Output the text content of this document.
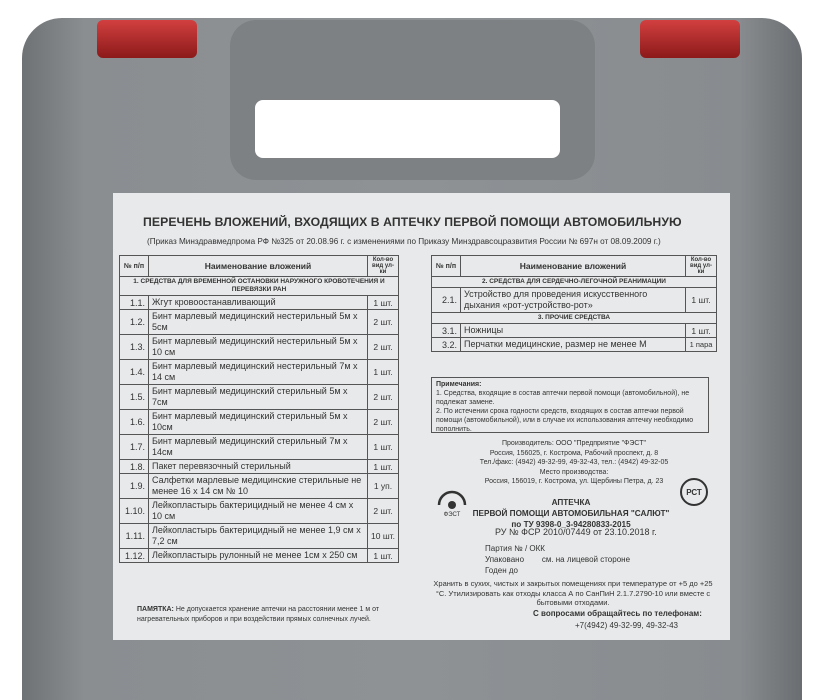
ПЕРЕЧЕНЬ ВЛОЖЕНИЙ, ВХОДЯЩИХ В АПТЕЧКУ ПЕРВОЙ ПОМОЩИ АВТОМОБИЛЬНУЮ
(Приказ Минздравмедпрома РФ №325 от 20.08.96 г. с изменениями по Приказу Минздравсоцразвития России № 697н от 08.09.2009 г.)
№ п/п	Наименование вложений	Кол-во вид ул-ки
1. СРЕДСТВА ДЛЯ ВРЕМЕННОЙ ОСТАНОВКИ НАРУЖНОГО КРОВОТЕЧЕНИЯ И ПЕРЕВЯЗКИ РАН		
1.1.	Жгут кровоостанавливающий	1 шт.
1.2.	Бинт марлевый медицинский нестерильный 5м х 5см	2 шт.
1.3.	Бинт марлевый медицинский нестерильный 5м х 10 см	2 шт.
1.4.	Бинт марлевый медицинский нестерильный 7м х 14 см	1 шт.
1.5.	Бинт марлевый медицинский стерильный 5м х 7см	2 шт.
1.6.	Бинт марлевый медицинский стерильный 5м х 10см	2 шт.
1.7.	Бинт марлевый медицинский стерильный 7м х 14см	1 шт.
1.8.	Пакет перевязочный стерильный	1 шт.
1.9.	Салфетки марлевые медицинские стерильные не менее 16 х 14 см № 10	1 уп.
1.10.	Лейкопластырь бактерицидный не менее 4 см х 10 см	2 шт.
1.11.	Лейкопластырь бактерицидный не менее 1,9 см х 7,2 см	10 шт.
1.12.	Лейкопластырь рулонный не менее 1см х 250 см	1 шт.
№ п/п	Наименование вложений	Кол-во вид ул-ки
2. СРЕДСТВА ДЛЯ СЕРДЕЧНО-ЛЕГОЧНОЙ РЕАНИМАЦИИ		
2.1.	Устройство для проведения искусственного дыхания «рот-устройство-рот»	1 шт.
3. ПРОЧИЕ СРЕДСТВА		
3.1.	Ножницы	1 шт.
3.2.	Перчатки медицинские, размер не менее М	1 пара
Примечания:
1. Средства, входящие в состав аптечки первой помощи (автомобильной), не подлежат замене.
2. По истечении срока годности средств, входящих в состав аптечки первой помощи (автомобильной), или в случае их использования аптечку необходимо пополнить.
Производитель: ООО "Предприятие "ФЭСТ"
Россия, 156025, г. Кострома, Рабочий проспект, д. 8
Тел./факс: (4942) 49-32-99, 49-32-43, тел.: (4942) 49-32-05
Место производства:
Россия, 156019, г. Кострома, ул. Щербины Петра, д. 23
ФЭСТ
РСТ
АПТЕЧКА
ПЕРВОЙ ПОМОЩИ АВТОМОБИЛЬНАЯ "САЛЮТ"
по ТУ 9398-0_3-94280833-2015
РУ № ФСР 2010/07449 от 23.10.2018 г.
Партия № / ОКК
Упаковано см. на лицевой стороне
Годен до
Хранить в сухих, чистых и закрытых помещениях при температуре от +5 до +25 °С. Утилизировать как отходы класса А по СанПиН 2.1.7.2790-10 или вместе с бытовыми отходами.
С вопросами обращайтесь по телефонам:
+7(4942) 49-32-99, 49-32-43
ПАМЯТКА: Не допускается хранение аптечки на расстоянии менее 1 м от нагревательных приборов и при воздействии прямых солнечных лучей.
